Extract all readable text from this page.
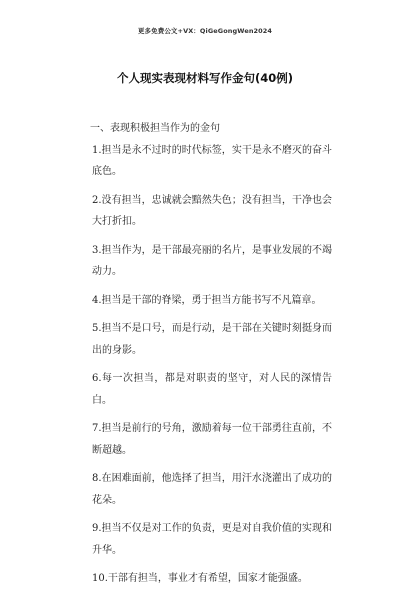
更多免费公文+VX：QiGeGongWen2024
个人现实表现材料写作金句(40例)
一、表现积极担当作为的金句

1.担当是永不过时的时代标签，实干是永不磨灭的奋斗底色。

2.没有担当，忠诚就会黯然失色；没有担当，干净也会大打折扣。

3.担当作为，是干部最亮丽的名片，是事业发展的不竭动力。

4.担当是干部的脊梁，勇于担当方能书写不凡篇章。

5.担当不是口号，而是行动，是干部在关键时刻挺身而出的身影。

6.每一次担当，都是对职责的坚守，对人民的深情告白。

7.担当是前行的号角，激励着每一位干部勇往直前，不断超越。

8.在困难面前，他选择了担当，用汗水浇灌出了成功的花朵。

9.担当不仅是对工作的负责，更是对自我价值的实现和升华。

10.干部有担当，事业才有希望，国家才能强盛。
